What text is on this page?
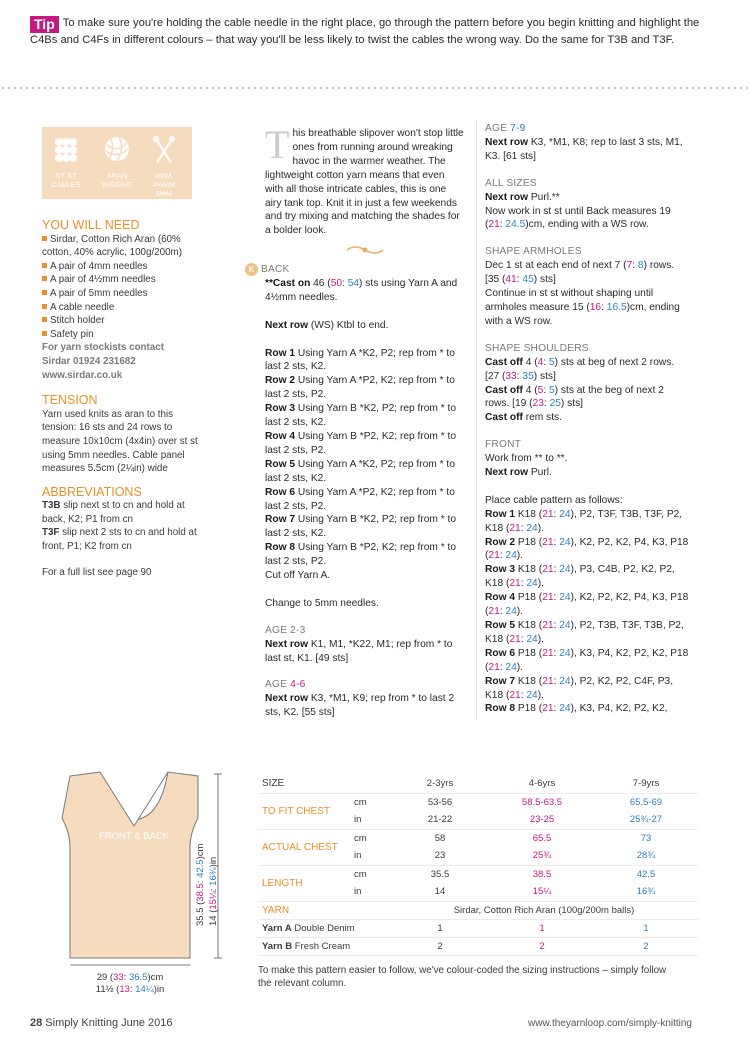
Tip To make sure you're holding the cable needle in the right place, go through the pattern before you begin knitting and highlight the C4Bs and C4Fs in different colours – that way you'll be less likely to twist the cables the wrong way. Do the same for T3B and T3F.
ST ST
CABLES
ARAN
WEIGHT
4MM, 4½MM
5MM
YOU WILL NEED
Sirdar, Cotton Rich Aran (60% cotton, 40% acrylic, 100g/200m)
A pair of 4mm needles
A pair of 4½mm needles
A pair of 5mm needles
A cable needle
Stitch holder
Safety pin
For yarn stockists contact
Sirdar 01924 231682
www.sirdar.co.uk
TENSION
Yarn used knits as aran to this tension: 16 sts and 24 rows to measure 10x10cm (4x4in) over st st using 5mm needles. Cable panel measures 5.5cm (2¼in) wide
ABBREVIATIONS
T3B slip next st to cn and hold at back, K2; P1 from cn
T3F slip next 2 sts to cn and hold at front, P1; K2 from cn
For a full list see page 90
This breathable slipover won't stop little ones from running around wreaking havoc in the warmer weather. The lightweight cotton yarn means that even with all those intricate cables, this is one airy tank top. Knit it in just a few weekends and try mixing and matching the shades for a bolder look.
K BACK
**Cast on 46 (50: 54) sts using Yarn A and 4½mm needles.
Next row (WS) Ktbl to end.
Row 1 Using Yarn A *K2, P2; rep from * to last 2 sts, K2.
Row 2 Using Yarn A *P2, K2; rep from * to last 2 sts, P2.
Row 3 Using Yarn B *K2, P2; rep from * to last 2 sts, K2.
Row 4 Using Yarn B *P2, K2; rep from * to last 2 sts, P2.
Row 5 Using Yarn A *K2, P2; rep from * to last 2 sts, K2.
Row 6 Using Yarn A *P2, K2; rep from * to last 2 sts, P2.
Row 7 Using Yarn B *K2, P2; rep from * to last 2 sts, K2.
Row 8 Using Yarn B *P2, K2; rep from * to last 2 sts, P2.
Cut off Yarn A.
Change to 5mm needles.
AGE 2-3
Next row K1, M1, *K22, M1; rep from * to last st, K1. [49 sts]
AGE 4-6
Next row K3, *M1, K9; rep from * to last 2 sts, K2. [55 sts]
AGE 7-9
Next row K3, *M1, K8; rep to last 3 sts, M1, K3. [61 sts]
ALL SIZES
Next row Purl.**
Now work in st st until Back measures 19 (21: 24.5)cm, ending with a WS row.
SHAPE ARMHOLES
Dec 1 st at each end of next 7 (7: 8) rows. [35 (41: 45) sts]
Continue in st st without shaping until armholes measure 15 (16: 16.5)cm, ending with a WS row.
SHAPE SHOULDERS
Cast off 4 (4: 5) sts at beg of next 2 rows. [27 (33: 35) sts]
Cast off 4 (5: 5) sts at the beg of next 2 rows. [19 (23: 25) sts]
Cast off rem sts.
FRONT
Work from ** to **.
Next row Purl.
Place cable pattern as follows:
Row 1 K18 (21: 24), P2, T3F, T3B, T3F, P2, K18 (21: 24).
Row 2 P18 (21: 24), K2, P2, K2, P4, K3, P18 (21: 24).
Row 3 K18 (21: 24), P3, C4B, P2, K2, P2, K18 (21: 24).
Row 4 P18 (21: 24), K2, P2, K2, P4, K3, P18 (21: 24).
Row 5 K18 (21: 24), P2, T3B, T3F, T3B, P2, K18 (21: 24).
Row 6 P18 (21: 24), K3, P4, K2, P2, K2, P18 (21: 24).
Row 7 K18 (21: 24), P2, K2, P2, C4F, P3, K18 (21: 24).
Row 8 P18 (21: 24), K3, P4, K2, P2, K2,
FRONT & BACK
35.5 (38.5: 42.5)cm
14 (15¼: 16¾)in
29 (33: 36.5)cm
11½ (13: 14¼)in
SIZE		2-3yrs	4-6yrs	7-9yrs
TO FIT CHEST	cm	53-56	58.5-63.5	65.5-69
	in	21-22	23-25	25¾-27
ACTUAL CHEST	cm	58	65.5	73
	in	23	25¾	28¾
LENGTH	cm	35.5	38.5	42.5
	in	14	15¼	16¾
YARN		Sirdar, Cotton Rich Aran (100g/200m balls)		
Yarn A Double Denim		1	1	1
Yarn B Fresh Cream		2	2	2
To make this pattern easier to follow, we've colour-coded the sizing instructions – simply follow the relevant column.
28 Simply Knitting June 2016	www.theyarnloop.com/simply-knitting
